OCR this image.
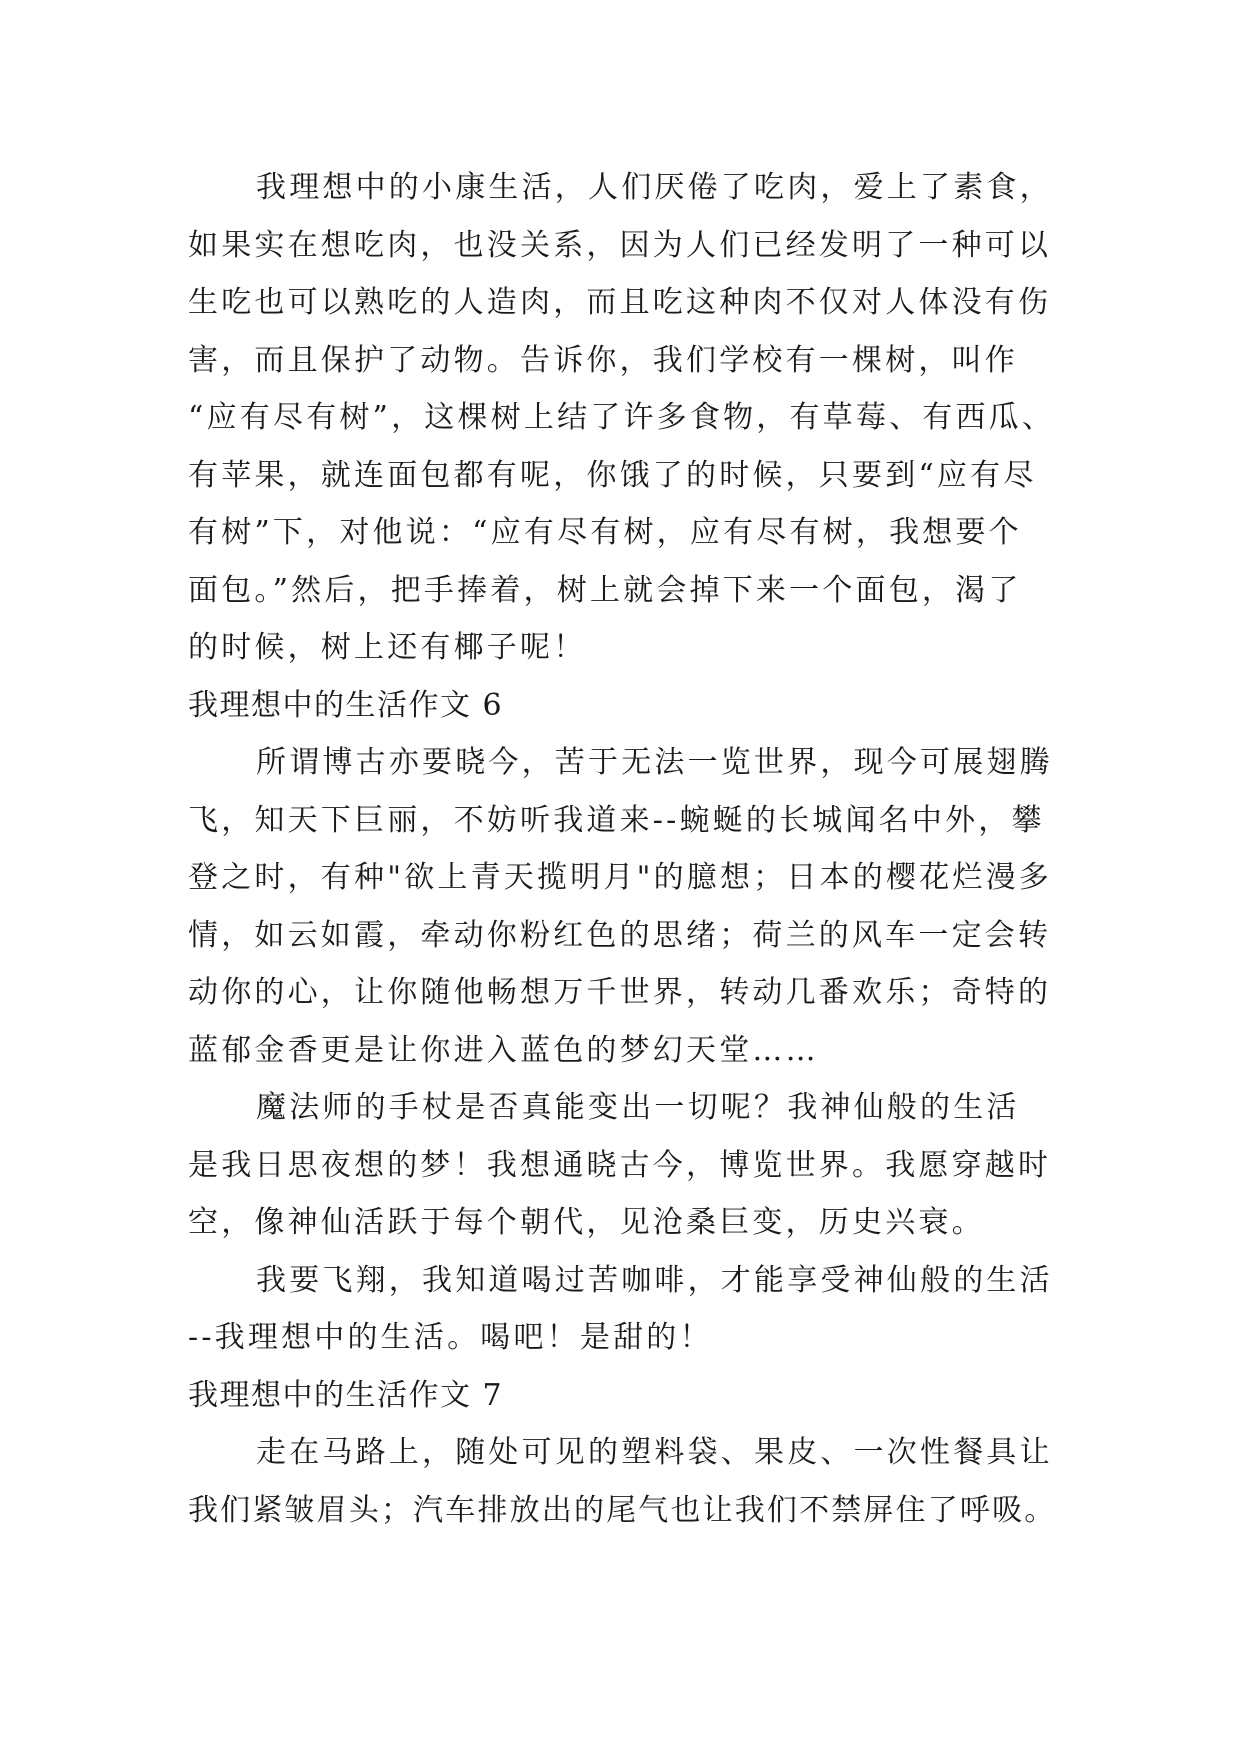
我理想中的小康生活，人们厌倦了吃肉，爱上了素食，
如果实在想吃肉，也没关系，因为人们已经发明了一种可以
生吃也可以熟吃的人造肉，而且吃这种肉不仅对人体没有伤
害，而且保护了动物。告诉你，我们学校有一棵树，叫作
“应有尽有树”，这棵树上结了许多食物，有草莓、有西瓜、
有苹果，就连面包都有呢，你饿了的时候，只要到“应有尽
有树”下，对他说：“应有尽有树，应有尽有树，我想要个
面包。”然后，把手捧着，树上就会掉下来一个面包，渴了
的时候，树上还有椰子呢！
我理想中的生活作文 6
所谓博古亦要晓今，苦于无法一览世界，现今可展翅腾
飞，知天下巨丽，不妨听我道来--蜿蜒的长城闻名中外，攀
登之时，有种"欲上青天揽明月"的臆想；日本的樱花烂漫多
情，如云如霞，牵动你粉红色的思绪；荷兰的风车一定会转
动你的心，让你随他畅想万千世界，转动几番欢乐；奇特的
蓝郁金香更是让你进入蓝色的梦幻天堂……
魔法师的手杖是否真能变出一切呢？我神仙般的生活
是我日思夜想的梦！我想通晓古今，博览世界。我愿穿越时
空，像神仙活跃于每个朝代，见沧桑巨变，历史兴衰。
我要飞翔，我知道喝过苦咖啡，才能享受神仙般的生活
--我理想中的生活。喝吧！是甜的！
我理想中的生活作文 7
走在马路上，随处可见的塑料袋、果皮、一次性餐具让
我们紧皱眉头；汽车排放出的尾气也让我们不禁屏住了呼吸。
